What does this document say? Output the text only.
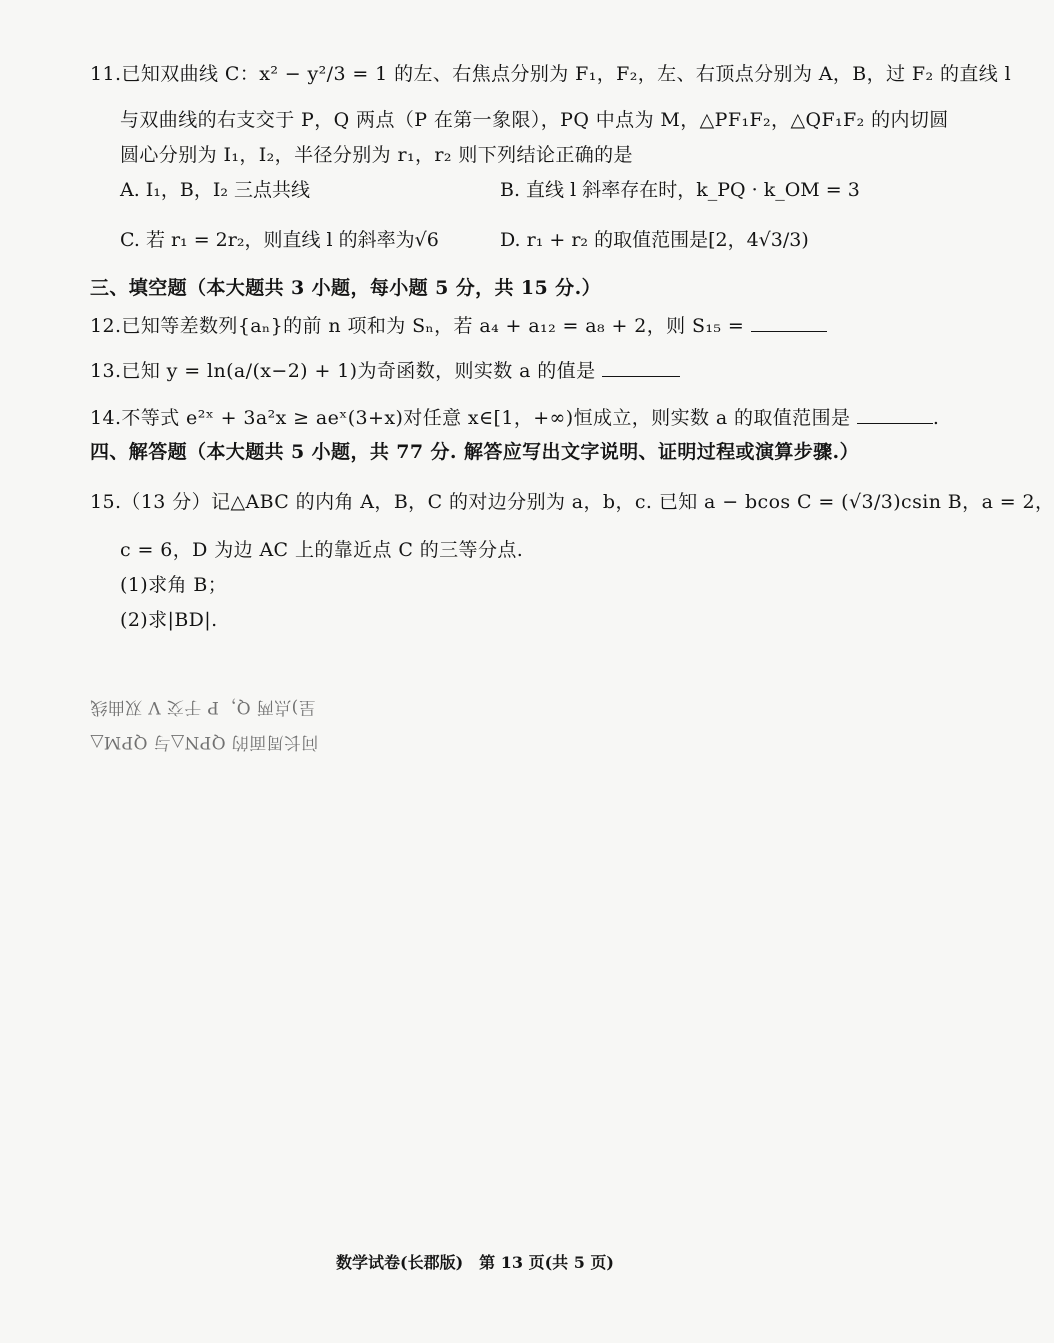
11.已知双曲线 C：x² − y²/3 = 1 的左、右焦点分别为 F₁，F₂，左、右顶点分别为 A，B，过 F₂ 的直线 l
与双曲线的右支交于 P，Q 两点（P 在第一象限），PQ 中点为 M，△PF₁F₂，△QF₁F₂ 的内切圆
圆心分别为 I₁，I₂，半径分别为 r₁，r₂ 则下列结论正确的是
A. I₁，B，I₂ 三点共线	B. 直线 l 斜率存在时，k_PQ · k_OM = 3
C. 若 r₁ = 2r₂，则直线 l 的斜率为√6	D. r₁ + r₂ 的取值范围是[2，4√3/3)
三、填空题（本大题共 3 小题，每小题 5 分，共 15 分.）
12.已知等差数列{aₙ}的前 n 项和为 Sₙ，若 a₄ + a₁₂ = a₈ + 2，则 S₁₅ =
13.已知 y = ln(a/(x−2) + 1)为奇函数，则实数 a 的值是
14.不等式 e²ˣ + 3a²x ≥ aeˣ(3+x)对任意 x∈[1，+∞)恒成立，则实数 a 的取值范围是	.
四、解答题（本大题共 5 小题，共 77 分. 解答应写出文字说明、证明过程或演算步骤.）
15.（13 分）记△ABC 的内角 A，B，C 的对边分别为 a，b，c. 已知 a − bcos C = (√3/3)csin B，a = 2，
c = 6，D 为边 AC 上的靠近点 C 的三等分点.
(1)求角 B；
(2)求|BD|.
呈)点两 Q，P 于交 V 双曲线
问长周面的 QPN△与 QPM△
数学试卷(长郡版)　第 13 页(共 5 页)
